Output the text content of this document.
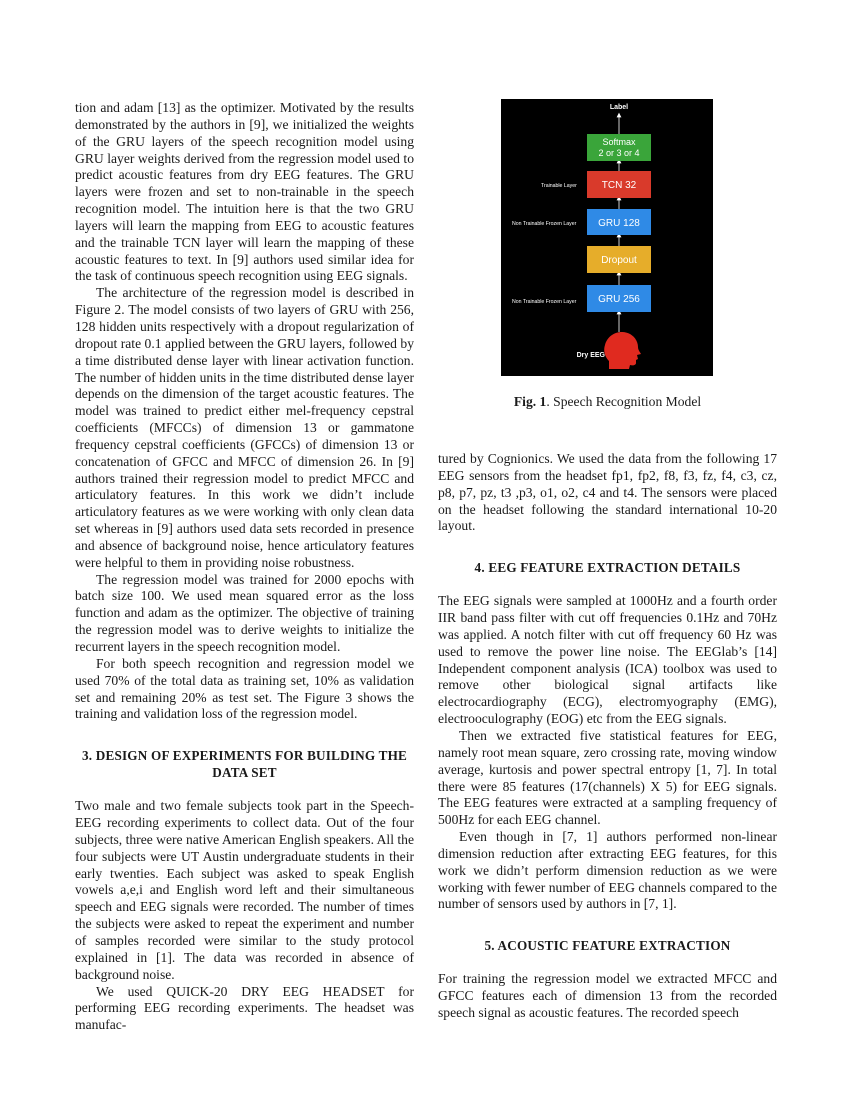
tion and adam [13] as the optimizer. Motivated by the results demonstrated by the authors in [9], we initialized the weights of the GRU layers of the speech recognition model using GRU layer weights derived from the regression model used to predict acoustic features from dry EEG features. The GRU layers were frozen and set to non-trainable in the speech recognition model. The intuition here is that the two GRU layers will learn the mapping from EEG to acoustic features and the trainable TCN layer will learn the mapping of these acoustic features to text. In [9] authors used similar idea for the task of continuous speech recognition using EEG signals.

The architecture of the regression model is described in Figure 2. The model consists of two layers of GRU with 256, 128 hidden units respectively with a dropout regularization of dropout rate 0.1 applied between the GRU layers, followed by a time distributed dense layer with linear activation function. The number of hidden units in the time distributed dense layer depends on the dimension of the target acoustic features. The model was trained to predict either mel-frequency cepstral coefficients (MFCCs) of dimension 13 or gammatone frequency cepstral coefficients (GFCCs) of dimension 13 or concatenation of GFCC and MFCC of dimension 26. In [9] authors trained their regression model to predict MFCC and articulatory features. In this work we didn’t include articulatory features as we were working with only clean data set whereas in [9] authors used data sets recorded in presence and absence of background noise, hence articulatory features were helpful to them in providing noise robustness.

The regression model was trained for 2000 epochs with batch size 100. We used mean squared error as the loss function and adam as the optimizer. The objective of training the regression model was to derive weights to initialize the recurrent layers in the speech recognition model.

For both speech recognition and regression model we used 70% of the total data as training set, 10% as validation set and remaining 20% as test set. The Figure 3 shows the training and validation loss of the regression model.

3. DESIGN OF EXPERIMENTS FOR BUILDING THE DATA SET

Two male and two female subjects took part in the Speech-EEG recording experiments to collect data. Out of the four subjects, three were native American English speakers. All the four subjects were UT Austin undergraduate students in their early twenties. Each subject was asked to speak English vowels a,e,i and English word left and their simultaneous speech and EEG signals were recorded. The number of times the subjects were asked to repeat the experiment and number of samples recorded were similar to the study protocol explained in [1]. The data was recorded in absence of background noise.

We used QUICK-20 DRY EEG HEADSET for performing EEG recording experiments. The headset was manufac-

Label
Softmax
2 or 3 or 4
TCN 32
Trainable Layer
GRU 128
Non Trainable Frozen Layer
Dropout
GRU 256
Non Trainable Frozen Layer
Dry EEG
Fig. 1. Speech Recognition Model

tured by Cognionics. We used the data from the following 17 EEG sensors from the headset fp1, fp2, f8, f3, fz, f4, c3, cz, p8, p7, pz, t3 ,p3, o1, o2, c4 and t4. The sensors were placed on the headset following the standard international 10-20 layout.

4. EEG FEATURE EXTRACTION DETAILS

The EEG signals were sampled at 1000Hz and a fourth order IIR band pass filter with cut off frequencies 0.1Hz and 70Hz was applied. A notch filter with cut off frequency 60 Hz was used to remove the power line noise. The EEGlab’s [14] Independent component analysis (ICA) toolbox was used to remove other biological signal artifacts like electrocardiography (ECG), electromyography (EMG), electrooculography (EOG) etc from the EEG signals.

Then we extracted five statistical features for EEG, namely root mean square, zero crossing rate, moving window average, kurtosis and power spectral entropy [1, 7]. In total there were 85 features (17(channels) X 5) for EEG signals. The EEG features were extracted at a sampling frequency of 500Hz for each EEG channel.

Even though in [7, 1] authors performed non-linear dimension reduction after extracting EEG features, for this work we didn’t perform dimension reduction as we were working with fewer number of EEG channels compared to the number of sensors used by authors in [7, 1].

5. ACOUSTIC FEATURE EXTRACTION

For training the regression model we extracted MFCC and GFCC features each of dimension 13 from the recorded speech signal as acoustic features. The recorded speech
